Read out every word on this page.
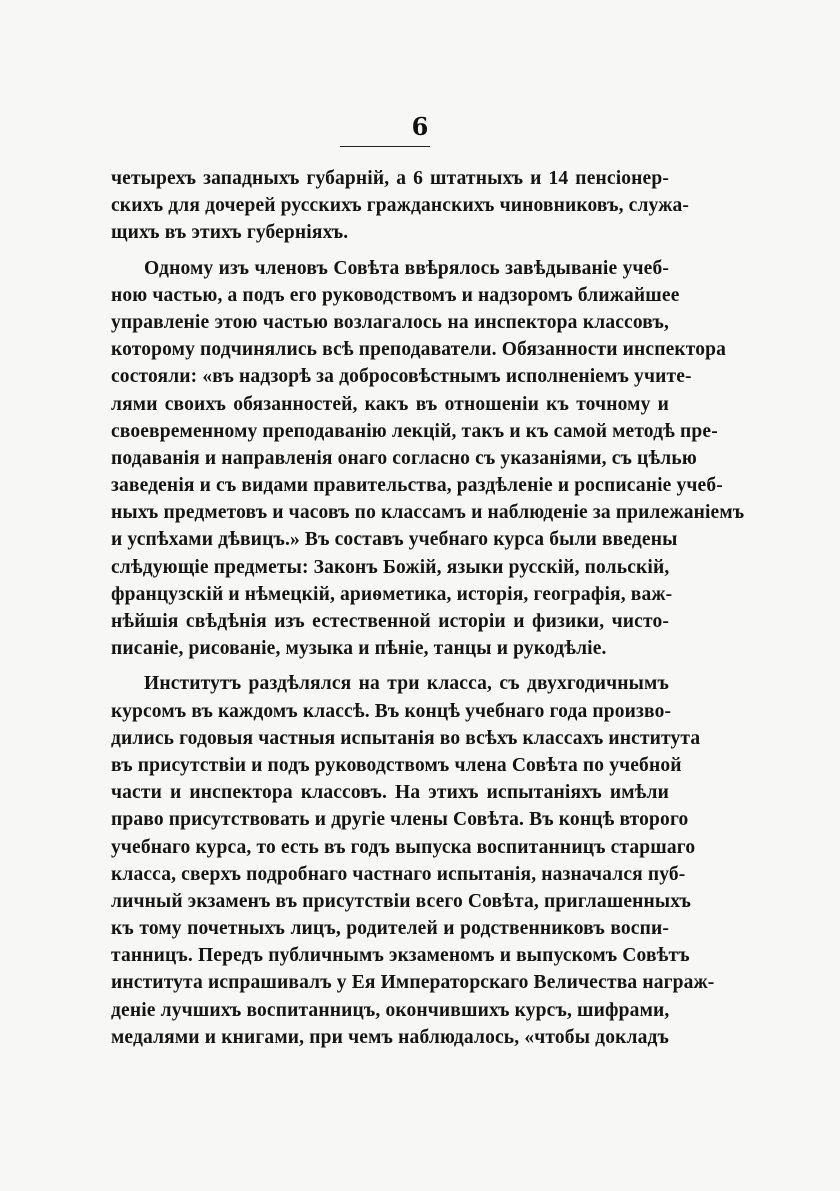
6
четырехъ западныхъ губарній, а 6 штатныхъ и 14 пенсіонер-
скихъ для дочерей русскихъ гражданскихъ чиновниковъ, служа-
щихъ въ этихъ губерніяхъ.
Одному изъ членовъ Совѣта ввѣрялось завѣдываніе учеб-
ною частью, а подъ его руководствомъ и надзоромъ ближайшее
управленіе этою частью возлагалось на инспектора классовъ,
которому подчинялись всѣ преподаватели. Обязанности инспектора
состояли: «въ надзорѣ за добросовѣстнымъ исполненіемъ учите-
лями своихъ обязанностей, какъ въ отношеніи къ точному и
своевременному преподаванію лекцій, такъ и къ самой методѣ пре-
подаванія и направленія онаго согласно съ указаніями, съ цѣлью
заведенія и съ видами правительства, раздѣленіе и росписаніе учеб-
ныхъ предметовъ и часовъ по классамъ и наблюденіе за прилежаніемъ
и успѣхами дѣвицъ.» Въ составъ учебнаго курса были введены
слѣдующіе предметы: Законъ Божій, языки русскій, польскій,
французскій и нѣмецкій, ариѳметика, исторія, географія, важ-
нѣйшія свѣдѣнія изъ естественной исторіи и физики, чисто-
писаніе, рисованіе, музыка и пѣніе, танцы и рукодѣліе.
Институтъ раздѣлялся на три класса, съ двухгодичнымъ
курсомъ въ каждомъ классѣ. Въ концѣ учебнаго года произво-
дились годовыя частныя испытанія во всѣхъ классахъ института
въ присутствіи и подъ руководствомъ члена Совѣта по учебной
части и инспектора классовъ. На этихъ испытаніяхъ имѣли
право присутствовать и другіе члены Совѣта. Въ концѣ второго
учебнаго курса, то есть въ годъ выпуска воспитанницъ старшаго
класса, сверхъ подробнаго частнаго испытанія, назначался пуб-
личный экзаменъ въ присутствіи всего Совѣта, приглашенныхъ
къ тому почетныхъ лицъ, родителей и родственниковъ воспи-
танницъ. Передъ публичнымъ экзаменомъ и выпускомъ Совѣтъ
института испрашивалъ у Ея Императорскаго Величества награж-
деніе лучшихъ воспитанницъ, окончившихъ курсъ, шифрами,
медалями и книгами, при чемъ наблюдалось, «чтобы докладъ
